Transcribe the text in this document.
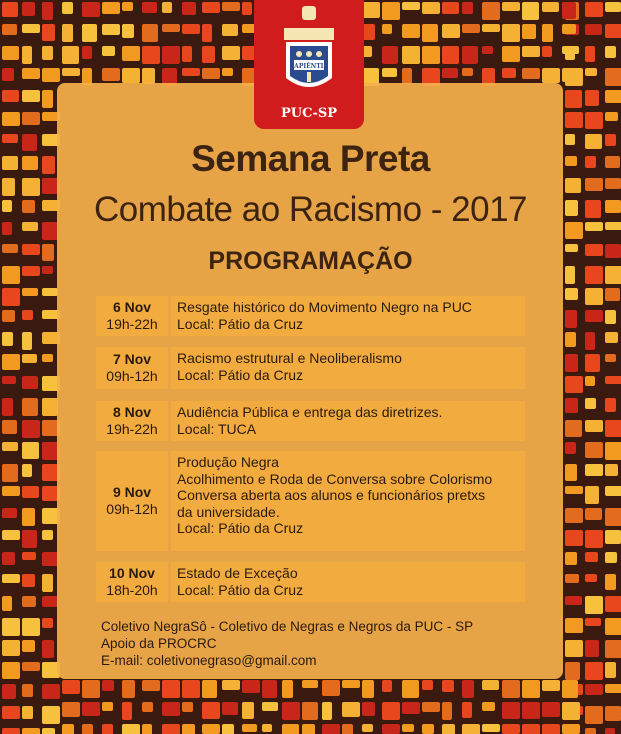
SAPIÊNTIA
PUC-SP
Semana Preta
Combate ao Racismo - 2017
PROGRAMAÇÃO
6 Nov
19h-22h
Resgate histórico do Movimento Negro na PUC
Local: Pátio da Cruz
7 Nov
09h-12h
Racismo estrutural e Neoliberalismo
Local: Pátio da Cruz
8 Nov
19h-22h
Audiência Pública e entrega das diretrizes.
Local: TUCA
9 Nov
09h-12h
Produção Negra
Acolhimento e Roda de Conversa sobre Colorismo
Conversa aberta aos alunos e funcionários pretxs
da universidade.
Local: Pátio da Cruz
10 Nov
18h-20h
Estado de Exceção
Local: Pátio da Cruz
Coletivo NegraSô - Coletivo de Negras e Negros da PUC - SP
Apoio da PROCRC
E-mail: coletivonegraso@gmail.com
